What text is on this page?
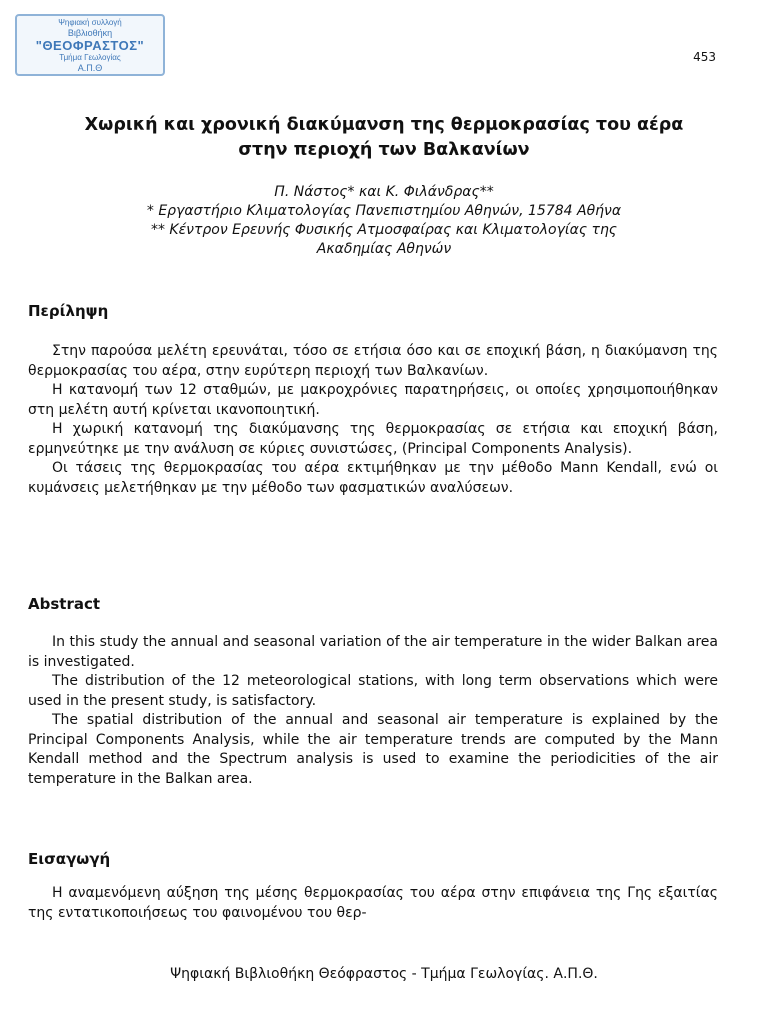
Ψηφιακή συλλογή
Βιβλιοθήκη
"ΘΕΟΦΡΑΣΤΟΣ"
Τμήμα Γεωλογίας
Α.Π.Θ
453
Χωρική και χρονική διακύμανση της θερμοκρασίας του αέρα
στην περιοχή των Βαλκανίων
Π. Νάστος* και Κ. Φιλάνδρας**
* Εργαστήριο Κλιματολογίας Πανεπιστημίου Αθηνών, 15784 Αθήνα
** Κέντρον Ερευνής Φυσικής Ατμοσφαίρας και Κλιματολογίας της
Ακαδημίας Αθηνών
Περίληψη

Στην παρούσα μελέτη ερευνάται, τόσο σε ετήσια όσο και σε εποχική βάση, η διακύμανση της θερμοκρασίας του αέρα, στην ευρύτερη περιοχή των Βαλκανίων.

Η κατανομή των 12 σταθμών, με μακροχρόνιες παρατηρήσεις, οι οποίες χρησιμοποιήθηκαν στη μελέτη αυτή κρίνεται ικανοποιητική.

Η χωρική κατανομή της διακύμανσης της θερμοκρασίας σε ετήσια και εποχική βάση, ερμηνεύτηκε με την ανάλυση σε κύριες συνιστώσες, (Principal Components Analysis).

Οι τάσεις της θερμοκρασίας του αέρα εκτιμήθηκαν με την μέθοδο Mann Kendall, ενώ οι κυμάνσεις μελετήθηκαν με την μέθοδο των φασματικών αναλύσεων.

Abstract

In this study the annual and seasonal variation of the air temperature in the wider Balkan area is investigated.

The distribution of the 12 meteorological stations, with long term observations which were used in the present study, is satisfactory.

The spatial distribution of the annual and seasonal air temperature is explained by the Principal Components Analysis, while the air temperature trends are computed by the Mann Kendall method and the Spectrum analysis is used to examine the periodicities of the air temperature in the Balkan area.

Εισαγωγή

Η αναμενόμενη αύξηση της μέσης θερμοκρασίας του αέρα στην επιφάνεια της Γης εξαιτίας της εντατικοποιήσεως του φαινομένου του θερ-

Ψηφιακή Βιβλιοθήκη Θεόφραστος - Τμήμα Γεωλογίας. Α.Π.Θ.
